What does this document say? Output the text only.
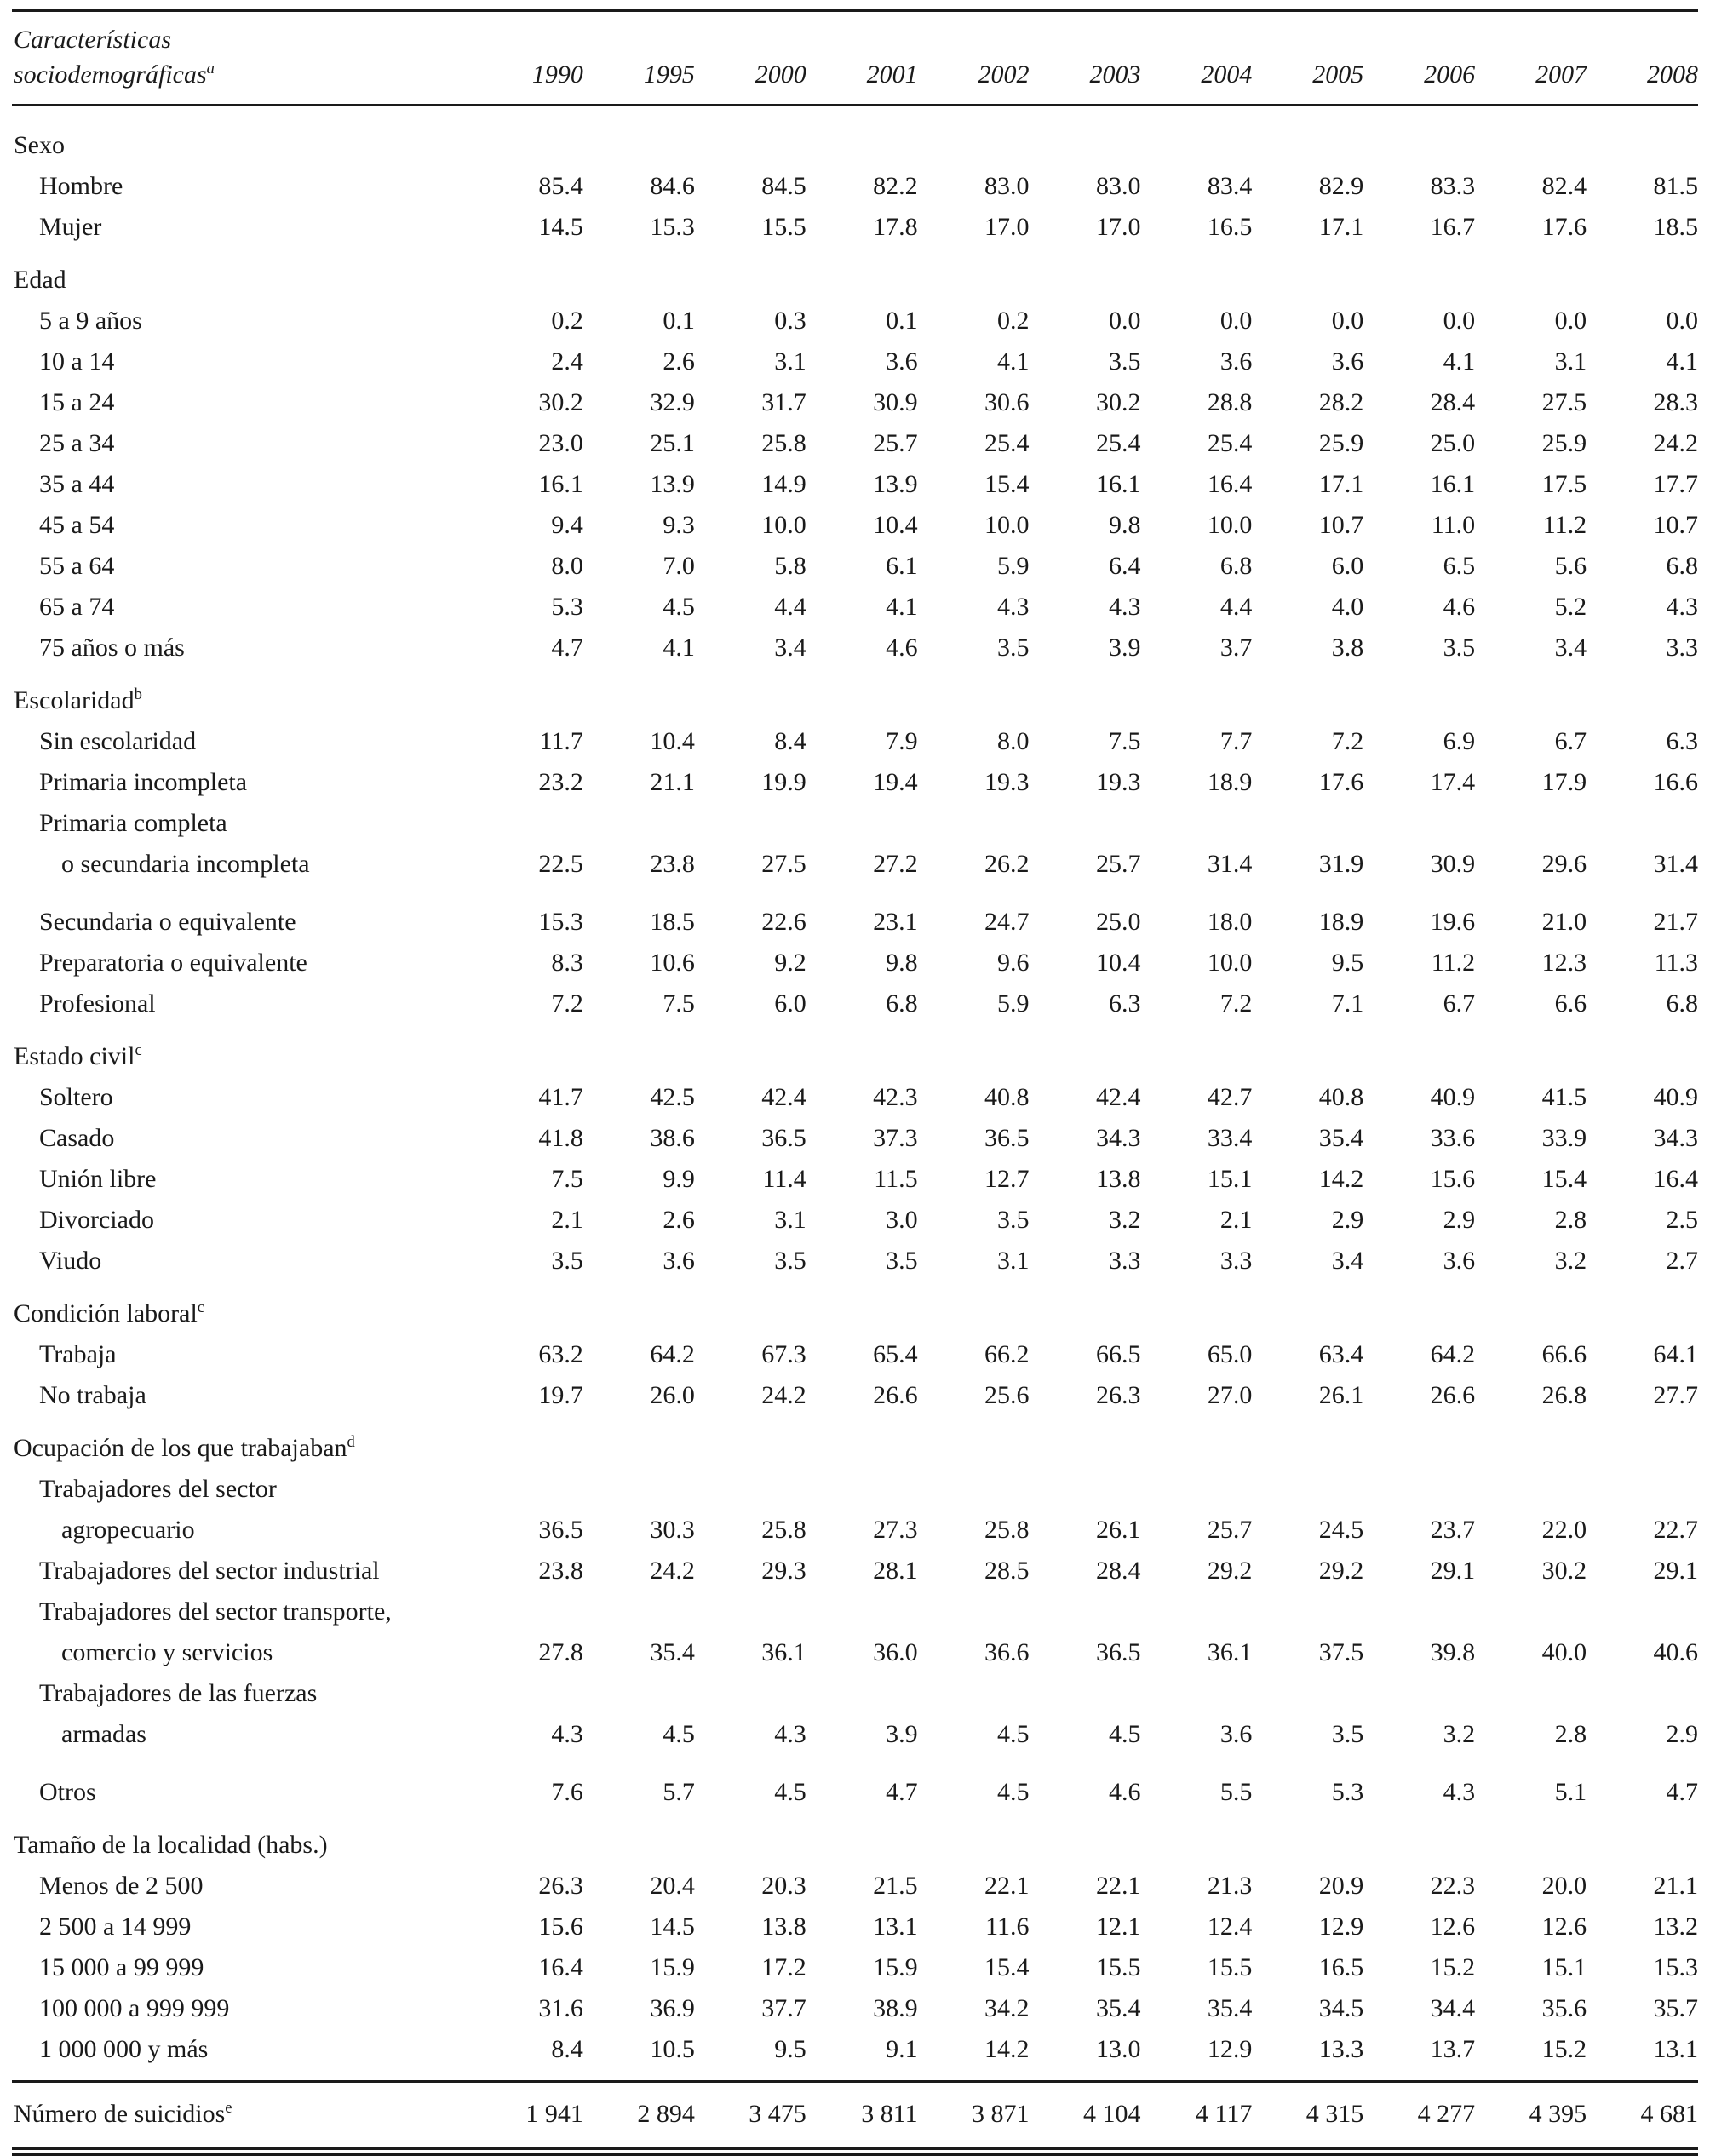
Características
sociodemográficas$^a$	1990	1995	2000	2001	2002	2003	2004	2005	2006	2007	2008
Sexo
Hombre	85.4	84.6	84.5	82.2	83.0	83.0	83.4	82.9	83.3	82.4	81.5
Mujer	14.5	15.3	15.5	17.8	17.0	17.0	16.5	17.1	16.7	17.6	18.5
Edad
5 a 9 años	0.2	0.1	0.3	0.1	0.2	0.0	0.0	0.0	0.0	0.0	0.0
10 a 14	2.4	2.6	3.1	3.6	4.1	3.5	3.6	3.6	4.1	3.1	4.1
15 a 24	30.2	32.9	31.7	30.9	30.6	30.2	28.8	28.2	28.4	27.5	28.3
25 a 34	23.0	25.1	25.8	25.7	25.4	25.4	25.4	25.9	25.0	25.9	24.2
35 a 44	16.1	13.9	14.9	13.9	15.4	16.1	16.4	17.1	16.1	17.5	17.7
45 a 54	9.4	9.3	10.0	10.4	10.0	9.8	10.0	10.7	11.0	11.2	10.7
55 a 64	8.0	7.0	5.8	6.1	5.9	6.4	6.8	6.0	6.5	5.6	6.8
65 a 74	5.3	4.5	4.4	4.1	4.3	4.3	4.4	4.0	4.6	5.2	4.3
75 años o más	4.7	4.1	3.4	4.6	3.5	3.9	3.7	3.8	3.5	3.4	3.3
Escolaridad$^b$
Sin escolaridad	11.7	10.4	8.4	7.9	8.0	7.5	7.7	7.2	6.9	6.7	6.3
Primaria incompleta	23.2	21.1	19.9	19.4	19.3	19.3	18.9	17.6	17.4	17.9	16.6
Primaria completa
o secundaria incompleta	22.5	23.8	27.5	27.2	26.2	25.7	31.4	31.9	30.9	29.6	31.4
Secundaria o equivalente	15.3	18.5	22.6	23.1	24.7	25.0	18.0	18.9	19.6	21.0	21.7
Preparatoria o equivalente	8.3	10.6	9.2	9.8	9.6	10.4	10.0	9.5	11.2	12.3	11.3
Profesional	7.2	7.5	6.0	6.8	5.9	6.3	7.2	7.1	6.7	6.6	6.8
Estado civil$^c$
Soltero	41.7	42.5	42.4	42.3	40.8	42.4	42.7	40.8	40.9	41.5	40.9
Casado	41.8	38.6	36.5	37.3	36.5	34.3	33.4	35.4	33.6	33.9	34.3
Unión libre	7.5	9.9	11.4	11.5	12.7	13.8	15.1	14.2	15.6	15.4	16.4
Divorciado	2.1	2.6	3.1	3.0	3.5	3.2	2.1	2.9	2.9	2.8	2.5
Viudo	3.5	3.6	3.5	3.5	3.1	3.3	3.3	3.4	3.6	3.2	2.7
Condición laboral$^c$
Trabaja	63.2	64.2	67.3	65.4	66.2	66.5	65.0	63.4	64.2	66.6	64.1
No trabaja	19.7	26.0	24.2	26.6	25.6	26.3	27.0	26.1	26.6	26.8	27.7
Ocupación de los que trabajaban$^d$
Trabajadores del sector
agropecuario	36.5	30.3	25.8	27.3	25.8	26.1	25.7	24.5	23.7	22.0	22.7
Trabajadores del sector industrial	23.8	24.2	29.3	28.1	28.5	28.4	29.2	29.2	29.1	30.2	29.1
Trabajadores del sector transporte,
comercio y servicios	27.8	35.4	36.1	36.0	36.6	36.5	36.1	37.5	39.8	40.0	40.6
Trabajadores de las fuerzas
armadas	4.3	4.5	4.3	3.9	4.5	4.5	3.6	3.5	3.2	2.8	2.9
Otros	7.6	5.7	4.5	4.7	4.5	4.6	5.5	5.3	4.3	5.1	4.7
Tamaño de la localidad (habs.)
Menos de 2 500	26.3	20.4	20.3	21.5	22.1	22.1	21.3	20.9	22.3	20.0	21.1
2 500 a 14 999	15.6	14.5	13.8	13.1	11.6	12.1	12.4	12.9	12.6	12.6	13.2
15 000 a 99 999	16.4	15.9	17.2	15.9	15.4	15.5	15.5	16.5	15.2	15.1	15.3
100 000 a 999 999	31.6	36.9	37.7	38.9	34.2	35.4	35.4	34.5	34.4	35.6	35.7
1 000 000 y más	8.4	10.5	9.5	9.1	14.2	13.0	12.9	13.3	13.7	15.2	13.1
Número de suicidios$^e$	1 941	2 894	3 475	3 811	3 871	4 104	4 117	4 315	4 277	4 395	4 681
